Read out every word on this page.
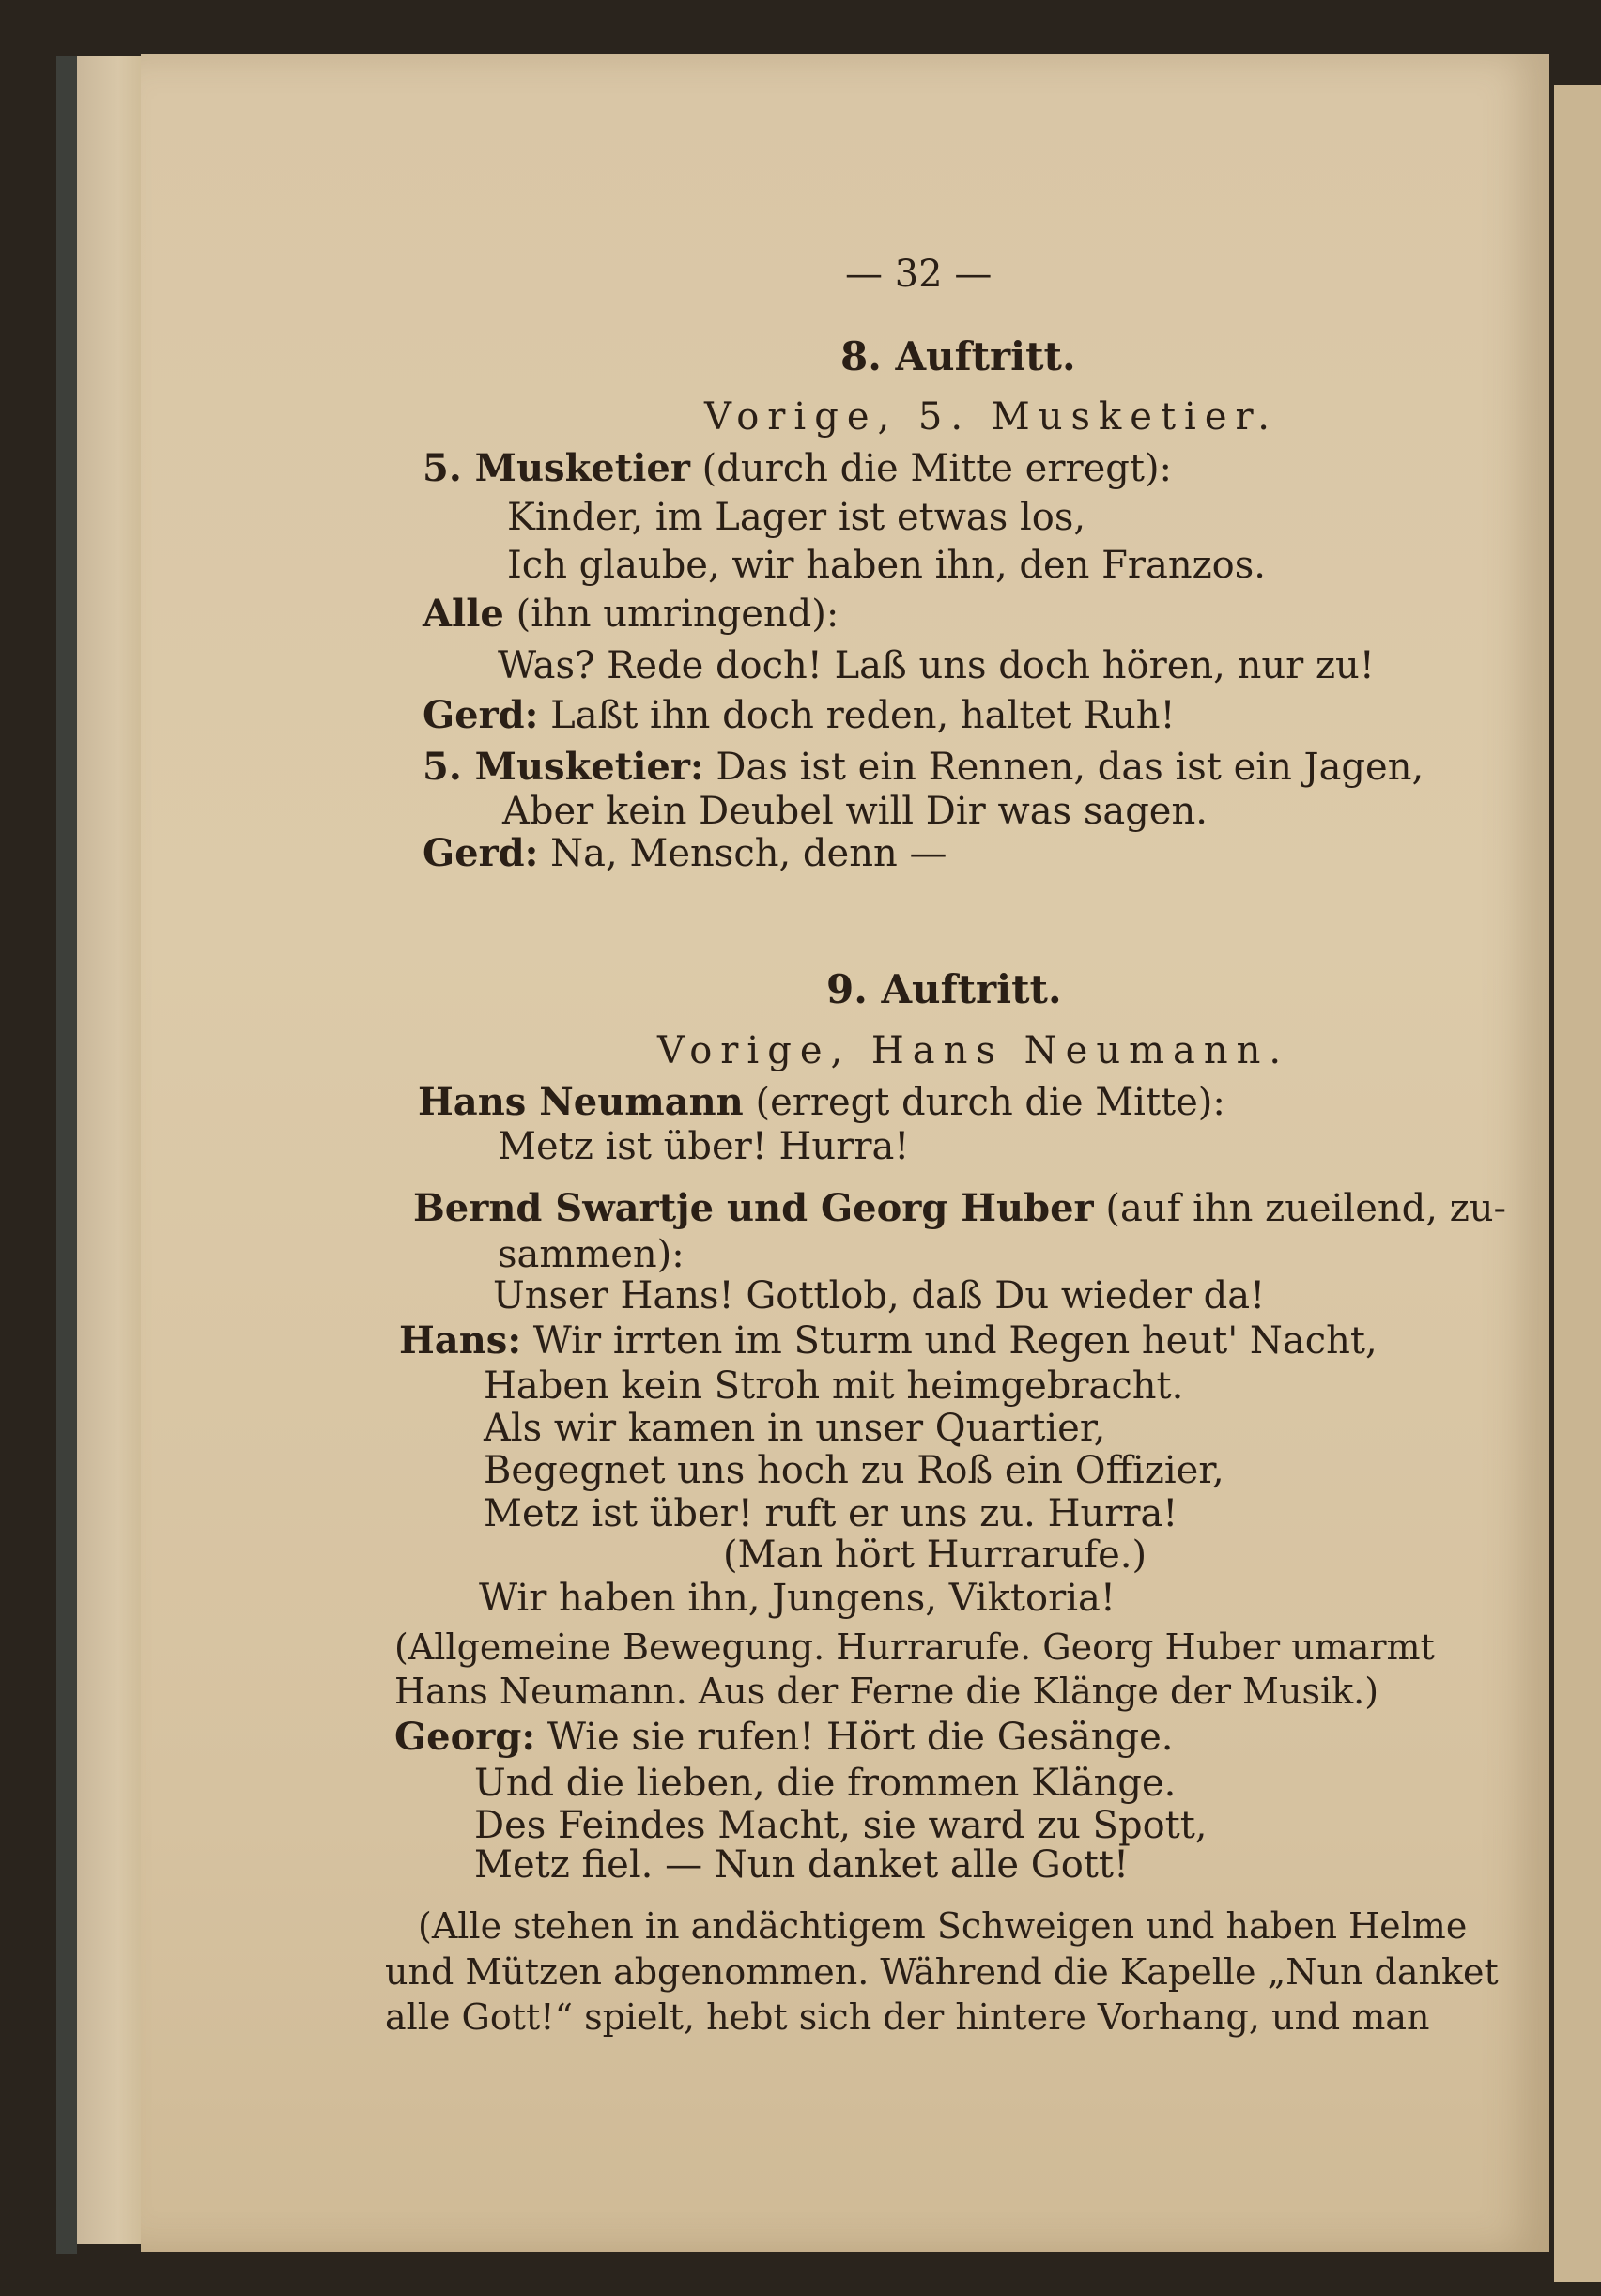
— 32 —
8. Auftritt.
Vorige, 5. Musketier.
5. Musketier (durch die Mitte erregt):
Kinder, im Lager ist etwas los,
Ich glaube, wir haben ihn, den Franzos.
Alle (ihn umringend):
Was? Rede doch! Laß uns doch hören, nur zu!
Gerd: Laßt ihn doch reden, haltet Ruh!
5. Musketier: Das ist ein Rennen, das ist ein Jagen,
Aber kein Deubel will Dir was sagen.
Gerd: Na, Mensch, denn —
9. Auftritt.
Vorige, Hans Neumann.
Hans Neumann (erregt durch die Mitte):
Metz ist über! Hurra!
Bernd Swartje und Georg Huber (auf ihn zueilend, zu-
sammen):
Unser Hans! Gottlob, daß Du wieder da!
Hans: Wir irrten im Sturm und Regen heut' Nacht,
Haben kein Stroh mit heimgebracht.
Als wir kamen in unser Quartier,
Begegnet uns hoch zu Roß ein Offizier,
Metz ist über! ruft er uns zu. Hurra!
(Man hört Hurrarufe.)
Wir haben ihn, Jungens, Viktoria!
(Allgemeine Bewegung. Hurrarufe. Georg Huber umarmt
Hans Neumann. Aus der Ferne die Klänge der Musik.)
Georg: Wie sie rufen! Hört die Gesänge.
Und die lieben, die frommen Klänge.
Des Feindes Macht, sie ward zu Spott,
Metz fiel. — Nun danket alle Gott!
(Alle stehen in andächtigem Schweigen und haben Helme
und Mützen abgenommen. Während die Kapelle „Nun danket
alle Gott!“ spielt, hebt sich der hintere Vorhang, und man
